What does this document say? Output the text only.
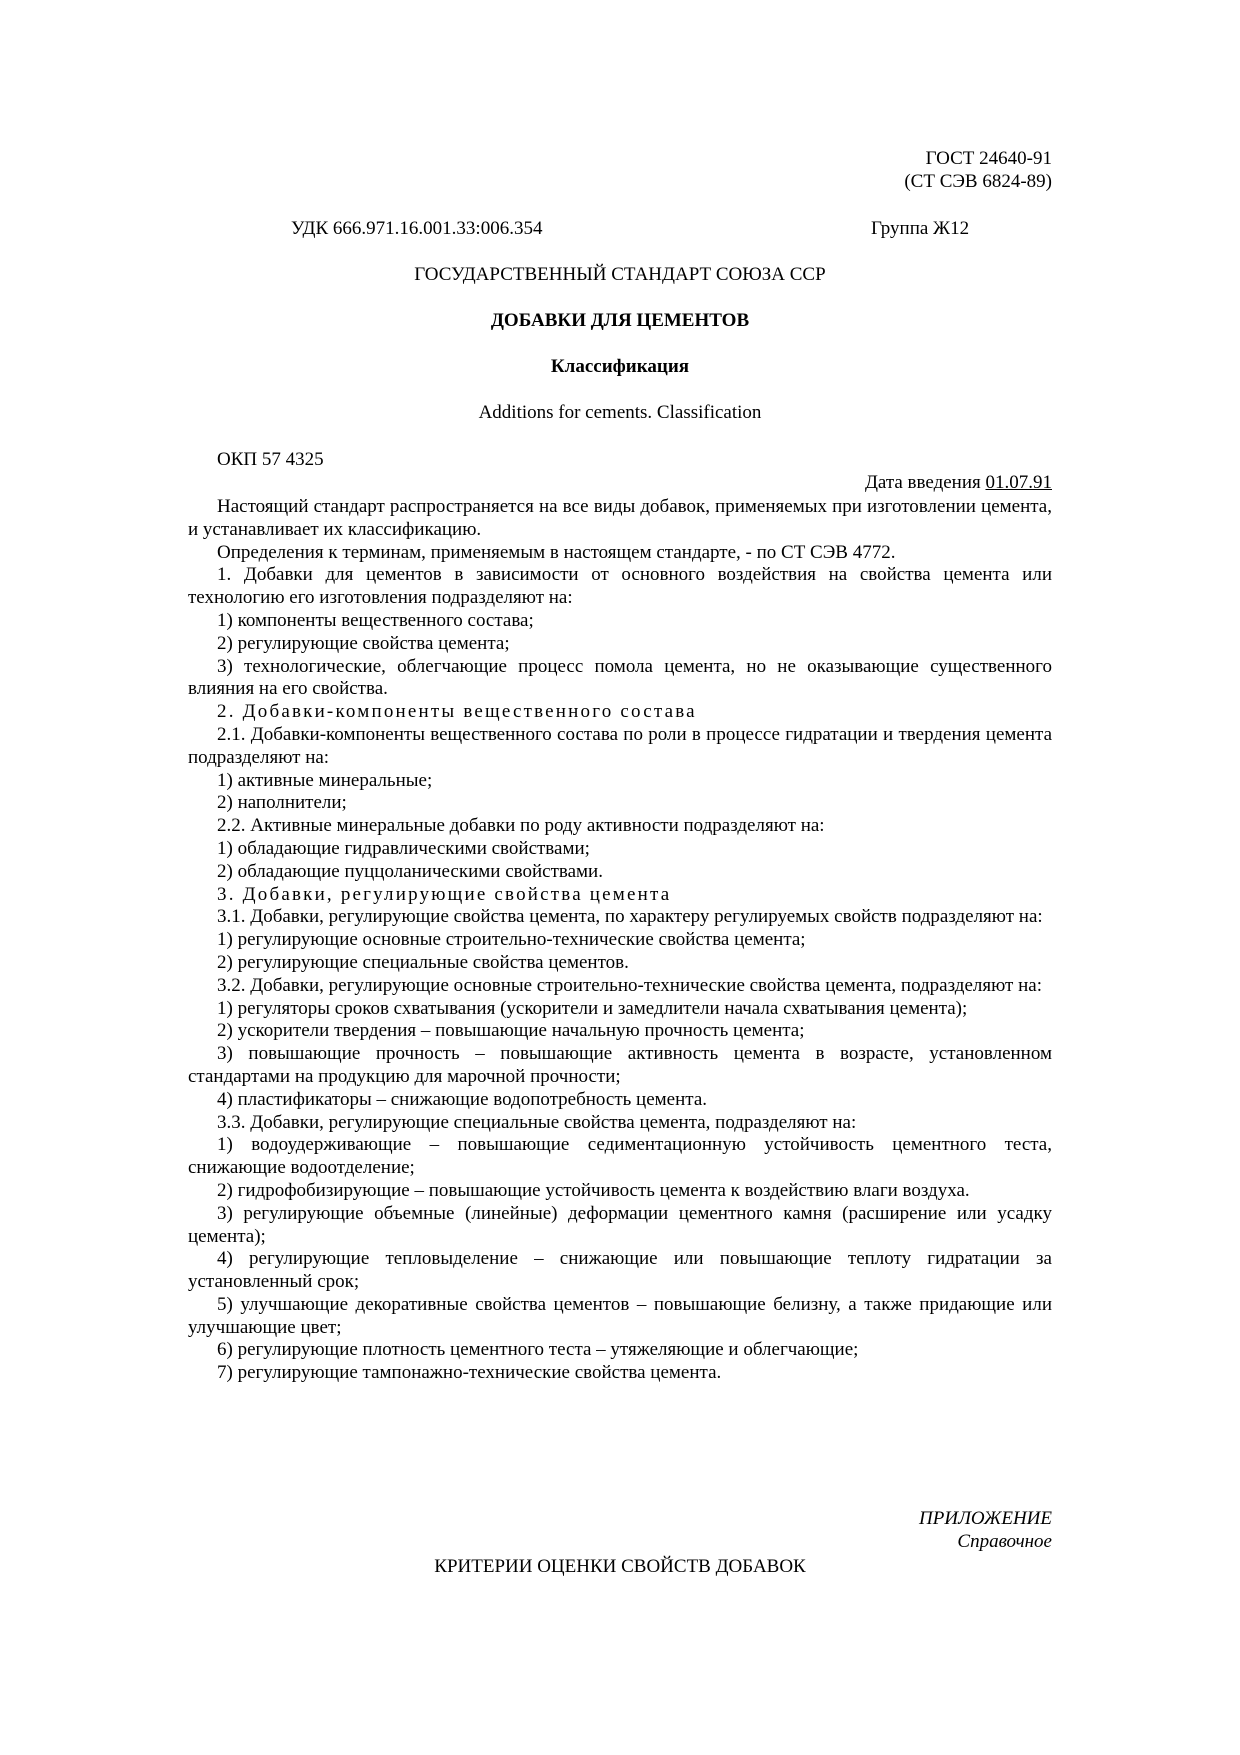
ГОСТ 24640-91
(СТ СЭВ 6824-89)
УДК 666.971.16.001.33:006.354	Группа Ж12
ГОСУДАРСТВЕННЫЙ СТАНДАРТ СОЮЗА ССР
ДОБАВКИ ДЛЯ ЦЕМЕНТОВ
Классификация
Additions for cements. Classification
ОКП 57 4325
Дата введения 01.07.91

Настоящий стандарт распространяется на все виды добавок, применяемых при изготовлении цемента, и устанавливает их классификацию.

Определения к терминам, применяемым в настоящем стандарте, - по СТ СЭВ 4772.

1. Добавки для цементов в зависимости от основного воздействия на свойства цемента или технологию его изготовления подразделяют на:

1) компоненты вещественного состава;

2) регулирующие свойства цемента;

3) технологические, облегчающие процесс помола цемента, но не оказывающие существенного влияния на его свойства.

2. Добавки-компоненты вещественного состава

2.1. Добавки-компоненты вещественного состава по роли в процессе гидратации и твердения цемента подразделяют на:

1) активные минеральные;

2) наполнители;

2.2. Активные минеральные добавки по роду активности подразделяют на:

1) обладающие гидравлическими свойствами;

2) обладающие пуццоланическими свойствами.

3. Добавки, регулирующие свойства цемента

3.1. Добавки, регулирующие свойства цемента, по характеру регулируемых свойств подразделяют на:

1) регулирующие основные строительно-технические свойства цемента;

2) регулирующие специальные свойства цементов.

3.2. Добавки, регулирующие основные строительно-технические свойства цемента, подразделяют на:

1) регуляторы сроков схватывания (ускорители и замедлители начала схватывания цемента);

2) ускорители твердения – повышающие начальную прочность цемента;

3) повышающие прочность – повышающие активность цемента в возрасте, установленном стандартами на продукцию для марочной прочности;

4) пластификаторы – снижающие водопотребность цемента.

3.3. Добавки, регулирующие специальные свойства цемента, подразделяют на:

1) водоудерживающие – повышающие седиментационную устойчивость цементного теста, снижающие водоотделение;

2) гидрофобизирующие – повышающие устойчивость цемента к воздействию влаги воздуха.

3) регулирующие объемные (линейные) деформации цементного камня (расширение или усадку цемента);

4) регулирующие тепловыделение – снижающие или повышающие теплоту гидратации за установленный срок;

5) улучшающие декоративные свойства цементов – повышающие белизну, а также придающие или улучшающие цвет;

6) регулирующие плотность цементного теста – утяжеляющие и облегчающие;

7) регулирующие тампонажно-технические свойства цемента.

ПРИЛОЖЕНИЕ
Справочное
КРИТЕРИИ ОЦЕНКИ СВОЙСТВ ДОБАВОК
